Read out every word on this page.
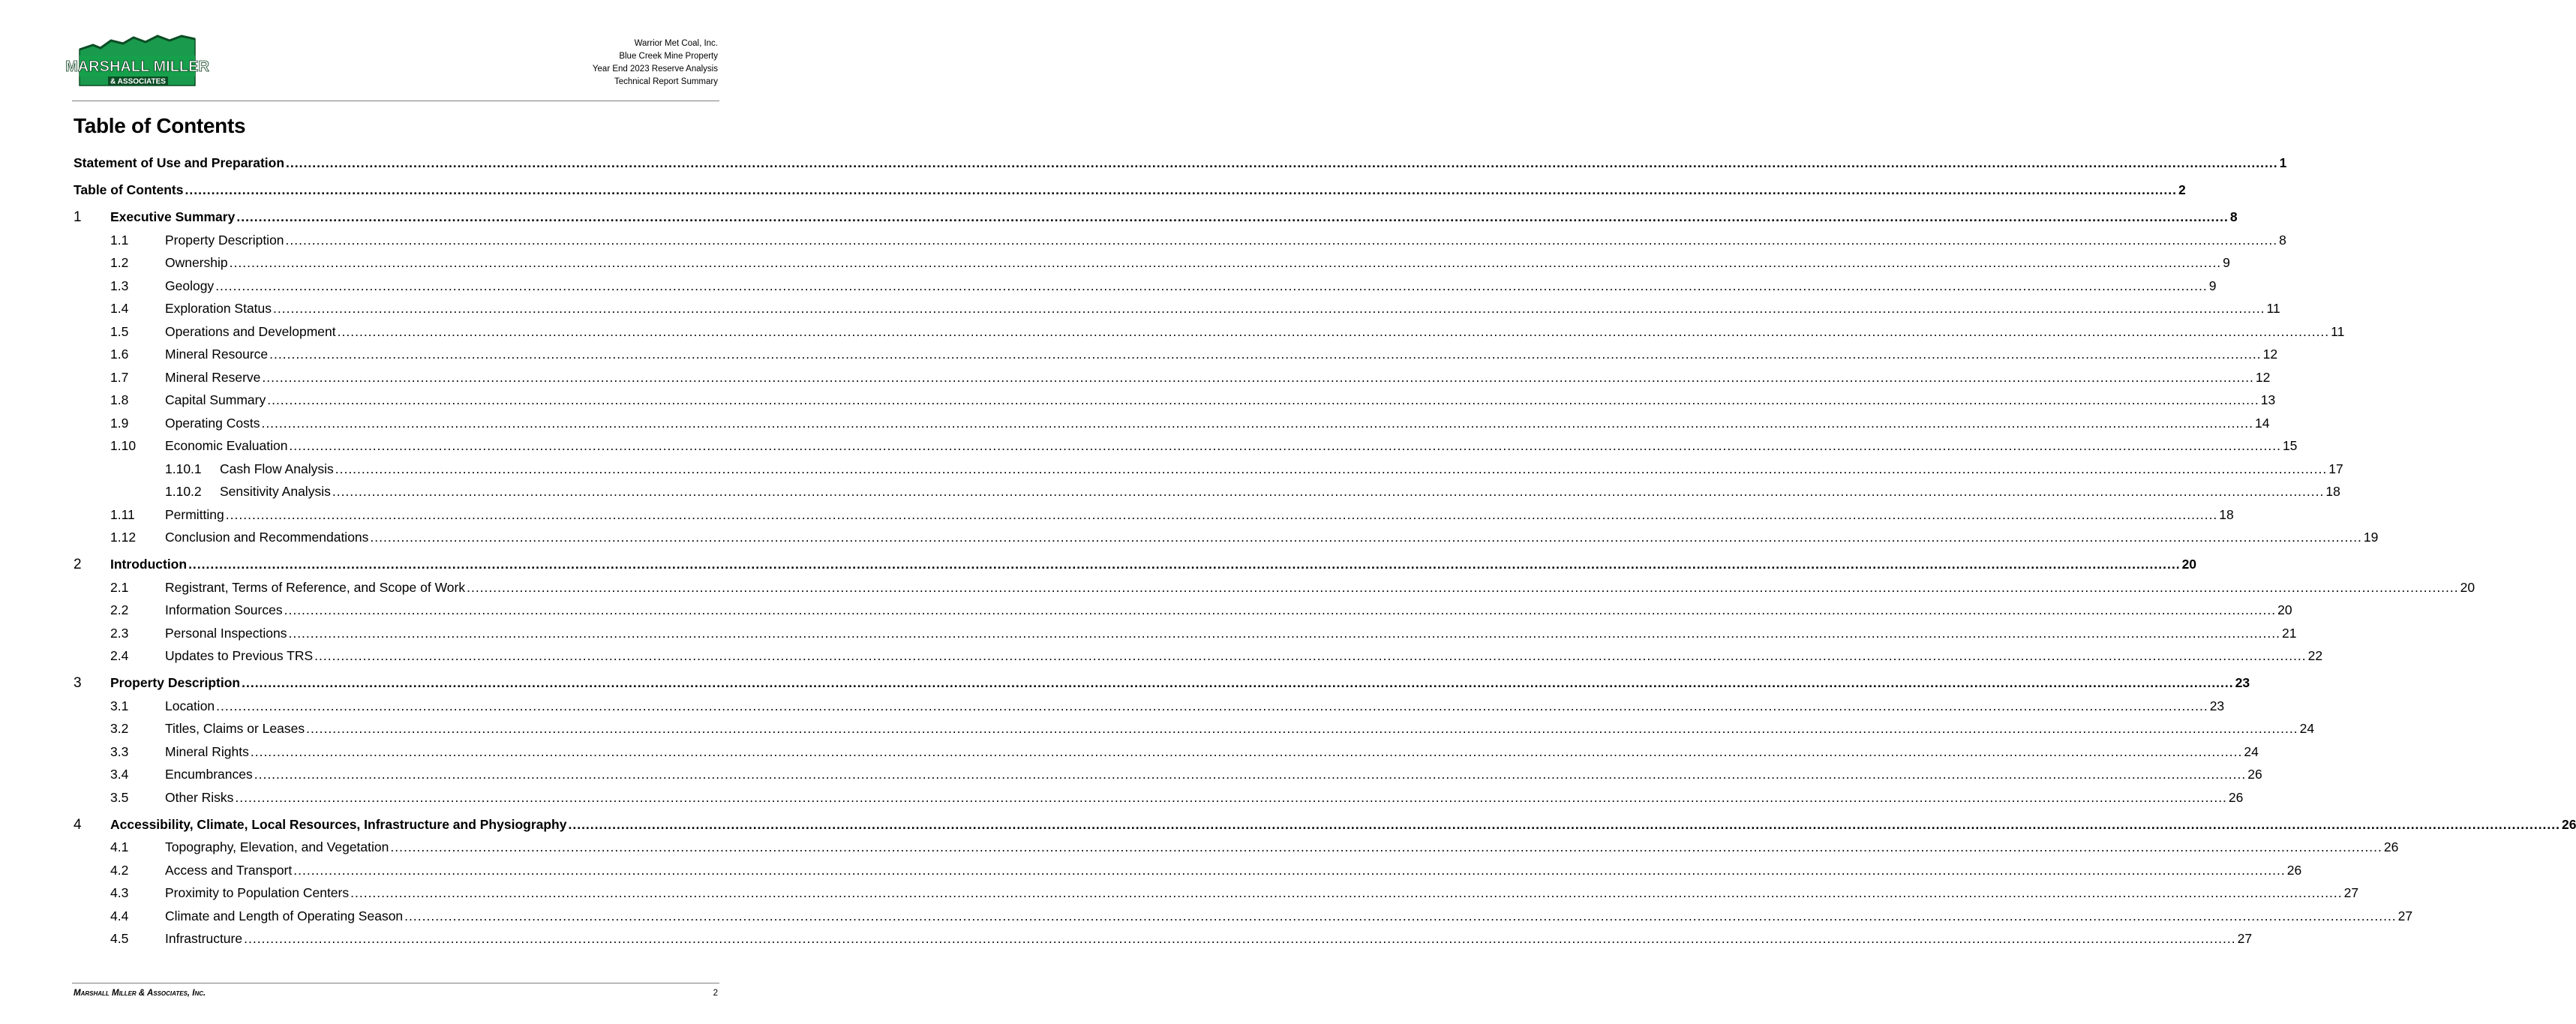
MARSHALL MILLER
& ASSOCIATES
Warrior Met Coal, Inc.
Blue Creek Mine Property
Year End 2023 Reserve Analysis
Technical Report Summary
Table of Contents
Statement of Use and Preparation .....	1
Table of Contents .....	2
1	Executive Summary .....	8
1.1	Property Description .....	8
1.2	Ownership .....	9
1.3	Geology .....	9
1.4	Exploration Status .....	11
1.5	Operations and Development .....	11
1.6	Mineral Resource .....	12
1.7	Mineral Reserve .....	12
1.8	Capital Summary .....	13
1.9	Operating Costs .....	14
1.10	Economic Evaluation .....	15
1.10.1	Cash Flow Analysis .....	17
1.10.2	Sensitivity Analysis .....	18
1.11	Permitting .....	18
1.12	Conclusion and Recommendations .....	19
2	Introduction .....	20
2.1	Registrant, Terms of Reference, and Scope of Work .....	20
2.2	Information Sources .....	20
2.3	Personal Inspections .....	21
2.4	Updates to Previous TRS .....	22
3	Property Description .....	23
3.1	Location .....	23
3.2	Titles, Claims or Leases .....	24
3.3	Mineral Rights .....	24
3.4	Encumbrances .....	26
3.5	Other Risks .....	26
4	Accessibility, Climate, Local Resources, Infrastructure and Physiography .....	26
4.1	Topography, Elevation, and Vegetation .....	26
4.2	Access and Transport .....	26
4.3	Proximity to Population Centers .....	27
4.4	Climate and Length of Operating Season .....	27
4.5	Infrastructure .....	27
Marshall Miller & Associates, Inc.	2
